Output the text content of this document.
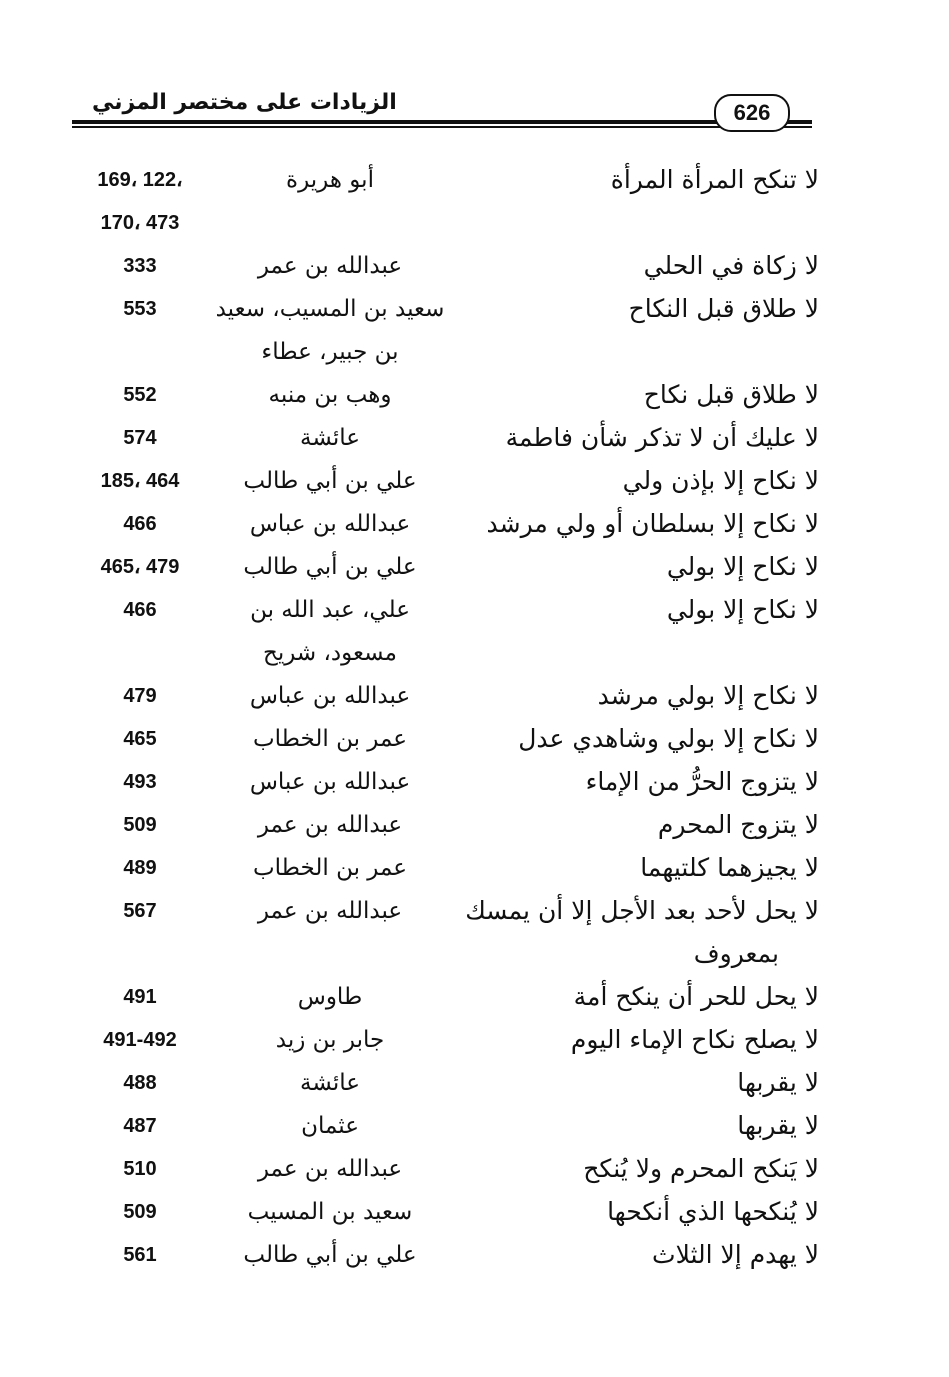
الزيادات على مختصر المزني	626
لا تنكح المرأة المرأة
أبو هريرة
169، 122،
170، 473
لا زكاة في الحلي
عبدالله بن عمر
333
لا طلاق قبل النكاح
سعيد بن المسيب، سعيد
553
بن جبير، عطاء
لا طلاق قبل نكاح
وهب بن منبه
552
لا عليك أن لا تذكر شأن فاطمة
عائشة
574
لا نكاح إلا بإذن ولي
علي بن أبي طالب
185، 464
لا نكاح إلا بسلطان أو ولي مرشد
عبدالله بن عباس
466
لا نكاح إلا بولي
علي بن أبي طالب
465، 479
لا نكاح إلا بولي
علي، عبد الله بن
466
مسعود، شريح
لا نكاح إلا بولي مرشد
عبدالله بن عباس
479
لا نكاح إلا بولي وشاهدي عدل
عمر بن الخطاب
465
لا يتزوج الحرُّ من الإماء
عبدالله بن عباس
493
لا يتزوج المحرم
عبدالله بن عمر
509
لا يجيزهما كلتيهما
عمر بن الخطاب
489
لا يحل لأحد بعد الأجل إلا أن يمسك
عبدالله بن عمر
567
بمعروف
لا يحل للحر أن ينكح أمة
طاوس
491
لا يصلح نكاح الإماء اليوم
جابر بن زيد
491-492
لا يقربها
عائشة
488
لا يقربها
عثمان
487
لا يَنكح المحرم ولا يُنكح
عبدالله بن عمر
510
لا يُنكحها الذي أنكحها
سعيد بن المسيب
509
لا يهدم إلا الثلاث
علي بن أبي طالب
561
